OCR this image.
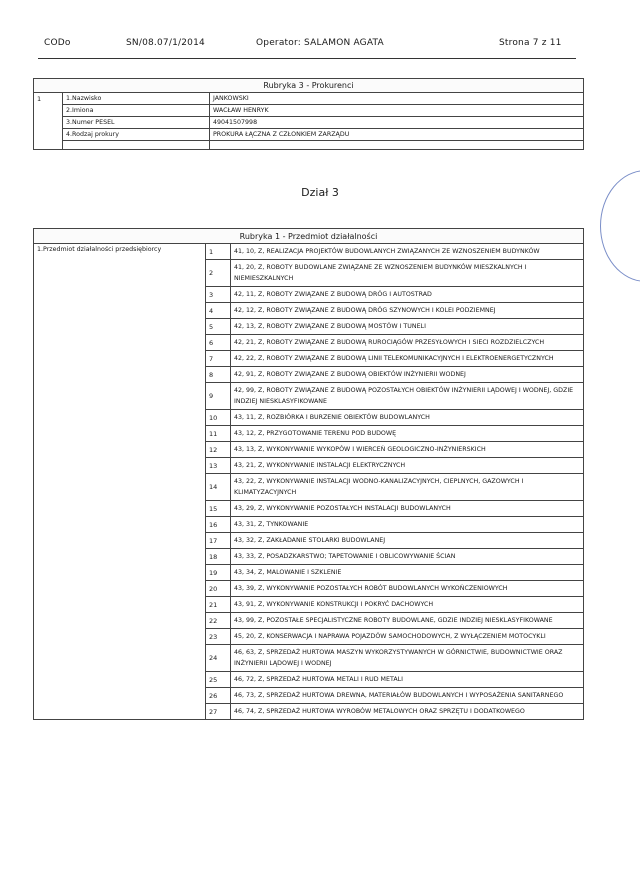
CODo	SN/08.07/1/2014	Operator: SALAMON AGATA	Strona 7 z 11
Rubryka 3 - Prokurenci		
1	1.Nazwisko	JANKOWSKI
	2.Imiona	WACŁAW HENRYK
	3.Numer PESEL	49041507998
	4.Rodzaj prokury	PROKURA ŁĄCZNA Z CZŁONKIEM ZARZĄDU

Dział 3
Rubryka 1 - Przedmiot działalności		
1.Przedmiot działalności przedsiębiorcy	1	41, 10, Z, REALIZACJA PROJEKTÓW BUDOWLANYCH ZWIĄZANYCH ZE WZNOSZENIEM BUDYNKÓW
	2	41, 20, Z, ROBOTY BUDOWLANE ZWIĄZANE ZE WZNOSZENIEM BUDYNKÓW MIESZKALNYCH I NIEMIESZKALNYCH
	3	42, 11, Z, ROBOTY ZWIĄZANE Z BUDOWĄ DRÓG I AUTOSTRAD
	4	42, 12, Z, ROBOTY ZWIĄZANE Z BUDOWĄ DRÓG SZYNOWYCH I KOLEI PODZIEMNEJ
	5	42, 13, Z, ROBOTY ZWIĄZANE Z BUDOWĄ MOSTÓW I TUNELI
	6	42, 21, Z, ROBOTY ZWIĄZANE Z BUDOWĄ RUROCIĄGÓW PRZESYŁOWYCH I SIECI ROZDZIELCZYCH
	7	42, 22, Z, ROBOTY ZWIĄZANE Z BUDOWĄ LINII TELEKOMUNIKACYJNYCH I ELEKTROENERGETYCZNYCH
	8	42, 91, Z, ROBOTY ZWIĄZANE Z BUDOWĄ OBIEKTÓW INŻYNIERII WODNEJ
	9	42, 99, Z, ROBOTY ZWIĄZANE Z BUDOWĄ POZOSTAŁYCH OBIEKTÓW INŻYNIERII LĄDOWEJ I WODNEJ, GDZIE INDZIEJ NIESKLASYFIKOWANE
	10	43, 11, Z, ROZBIÓRKA I BURZENIE OBIEKTÓW BUDOWLANYCH
	11	43, 12, Z, PRZYGOTOWANIE TERENU POD BUDOWĘ
	12	43, 13, Z, WYKONYWANIE WYKOPÓW I WIERCEŃ GEOLOGICZNO-INŻYNIERSKICH
	13	43, 21, Z, WYKONYWANIE INSTALACJI ELEKTRYCZNYCH
	14	43, 22, Z, WYKONYWANIE INSTALACJI WODNO-KANALIZACYJNYCH, CIEPLNYCH, GAZOWYCH I KLIMATYZACYJNYCH
	15	43, 29, Z, WYKONYWANIE POZOSTAŁYCH INSTALACJI BUDOWLANYCH
	16	43, 31, Z, TYNKOWANIE
	17	43, 32, Z, ZAKŁADANIE STOLARKI BUDOWLANEJ
	18	43, 33, Z, POSADZKARSTWO; TAPETOWANIE I OBLICOWYWANIE ŚCIAN
	19	43, 34, Z, MALOWANIE I SZKLENIE
	20	43, 39, Z, WYKONYWANIE POZOSTAŁYCH ROBÓT BUDOWLANYCH WYKOŃCZENIOWYCH
	21	43, 91, Z, WYKONYWANIE KONSTRUKCJI I POKRYĆ DACHOWYCH
	22	43, 99, Z, POZOSTAŁE SPECJALISTYCZNE ROBOTY BUDOWLANE, GDZIE INDZIEJ NIESKLASYFIKOWANE
	23	45, 20, Z, KONSERWACJA I NAPRAWA POJAZDÓW SAMOCHODOWYCH, Z WYŁĄCZENIEM MOTOCYKLI
	24	46, 63, Z, SPRZEDAŻ HURTOWA MASZYN WYKORZYSTYWANYCH W GÓRNICTWIE, BUDOWNICTWIE ORAZ INŻYNIERII LĄDOWEJ I WODNEJ
	25	46, 72, Z, SPRZEDAŻ HURTOWA METALI I RUD METALI
	26	46, 73, Z, SPRZEDAŻ HURTOWA DREWNA, MATERIAŁÓW BUDOWLANYCH I WYPOSAŻENIA SANITARNEGO
	27	46, 74, Z, SPRZEDAŻ HURTOWA WYROBÓW METALOWYCH ORAZ SPRZĘTU I DODATKOWEGO
